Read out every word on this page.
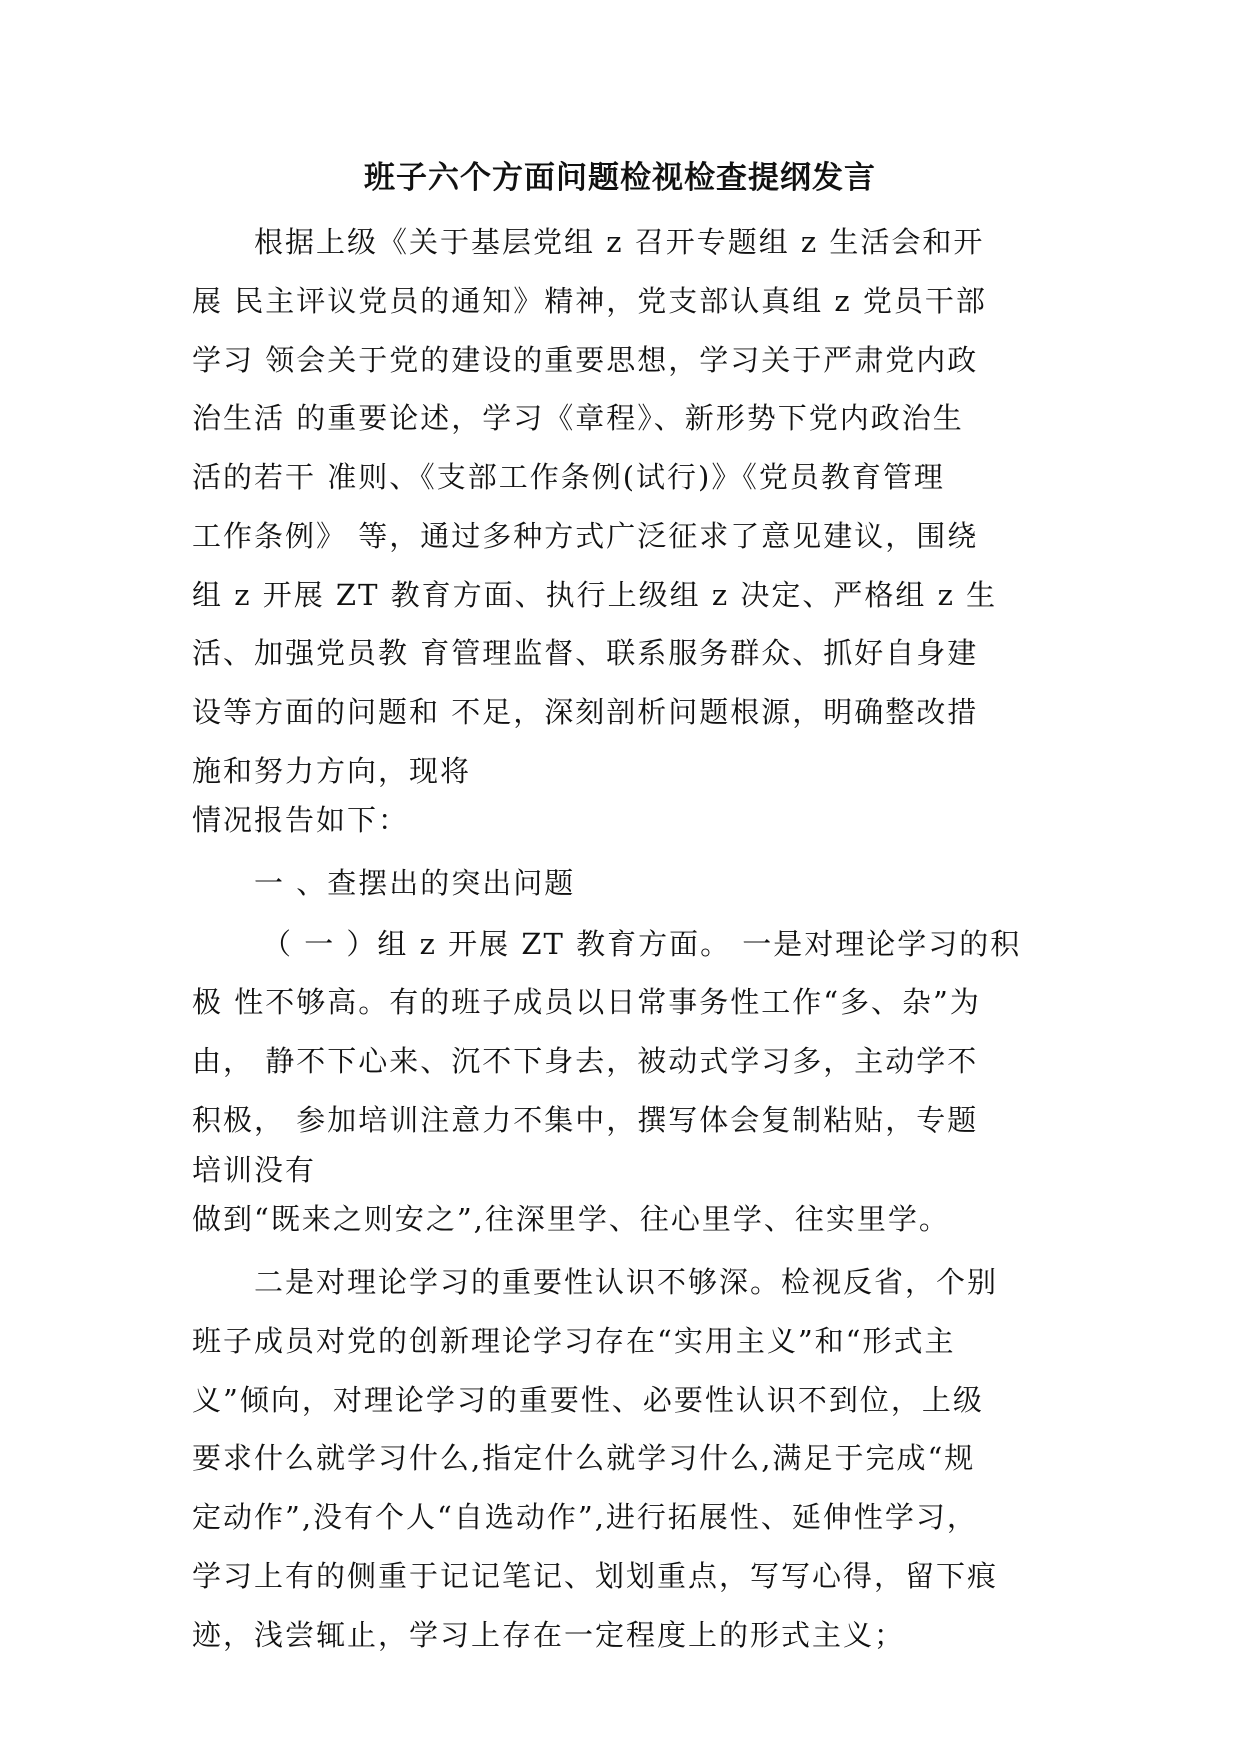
班子六个方面问题检视检查提纲发言
根据上级《关于基层党组 z 召开专题组 z 生活会和开
展 民主评议党员的通知》精神，党支部认真组 z 党员干部
学习 领会关于党的建设的重要思想，学习关于严肃党内政
治生活 的重要论述，学习《章程》、新形势下党内政治生
活的若干 准则、《支部工作条例(试行)》《党员教育管理
工作条例》 等，通过多种方式广泛征求了意见建议，围绕
组 z 开展 ZT 教育方面、执行上级组 z 决定、严格组 z 生
活、加强党员教 育管理监督、联系服务群众、抓好自身建
设等方面的问题和 不足，深刻剖析问题根源，明确整改措
施和努力方向，现将
情况报告如下：
一 、查摆出的突出问题
（ 一 ）组 z 开展 ZT 教育方面。 一是对理论学习的积
极 性不够高。有的班子成员以日常事务性工作“多、杂”为
由， 静不下心来、沉不下身去，被动式学习多，主动学不
积极， 参加培训注意力不集中，撰写体会复制粘贴，专题
培训没有
做到“既来之则安之”,往深里学、往心里学、往实里学。
二是对理论学习的重要性认识不够深。检视反省，个别
班子成员对党的创新理论学习存在“实用主义”和“形式主
义”倾向，对理论学习的重要性、必要性认识不到位，上级
要求什么就学习什么,指定什么就学习什么,满足于完成“规
定动作”,没有个人“自选动作”,进行拓展性、延伸性学习，
学习上有的侧重于记记笔记、划划重点，写写心得，留下痕
迹，浅尝辄止，学习上存在一定程度上的形式主义；
